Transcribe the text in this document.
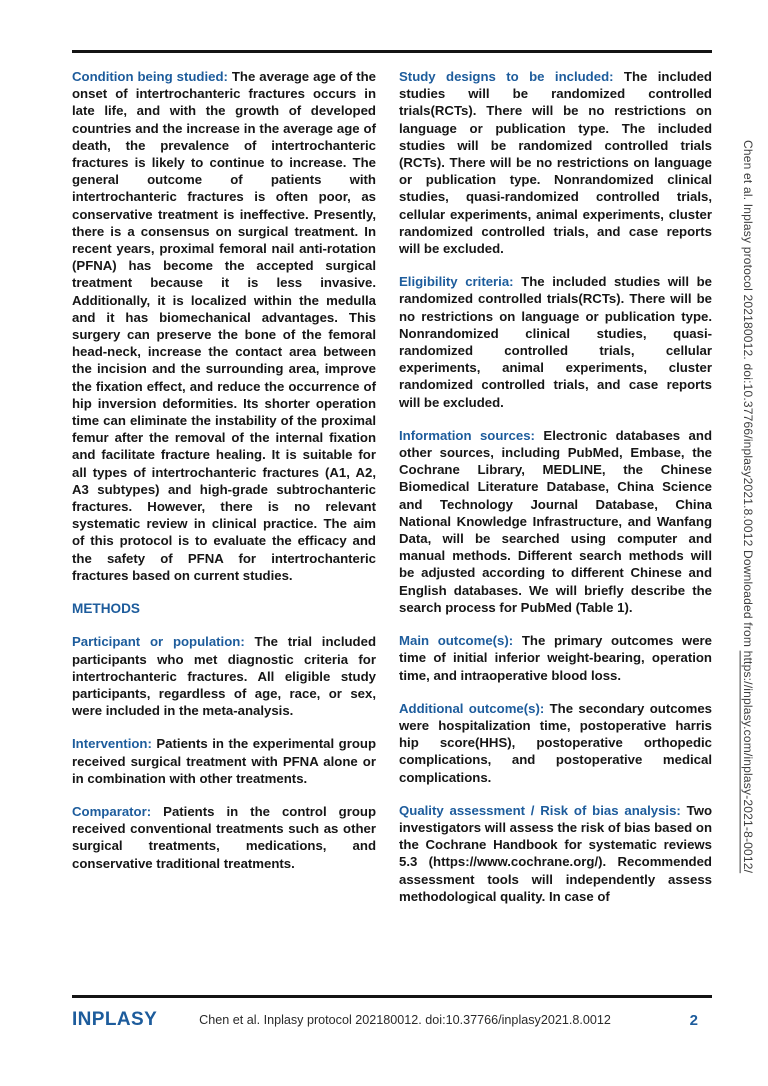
Condition being studied: The average age of the onset of intertrochanteric fractures occurs in late life, and with the growth of developed countries and the increase in the average age of death, the prevalence of intertrochanteric fractures is likely to continue to increase. The general outcome of patients with intertrochanteric fractures is often poor, as conservative treatment is ineffective. Presently, there is a consensus on surgical treatment. In recent years, proximal femoral nail anti-rotation (PFNA) has become the accepted surgical treatment because it is less invasive. Additionally, it is localized within the medulla and it has biomechanical advantages. This surgery can preserve the bone of the femoral head-neck, increase the contact area between the incision and the surrounding area, improve the fixation effect, and reduce the occurrence of hip inversion deformities. Its shorter operation time can eliminate the instability of the proximal femur after the removal of the internal fixation and facilitate fracture healing. It is suitable for all types of intertrochanteric fractures (A1, A2, A3 subtypes) and high-grade subtrochanteric fractures. However, there is no relevant systematic review in clinical practice. The aim of this protocol is to evaluate the efficacy and the safety of PFNA for intertrochanteric fractures based on current studies.

METHODS

Participant or population: The trial included participants who met diagnostic criteria for intertrochanteric fractures. All eligible study participants, regardless of age, race, or sex, were included in the meta-analysis.

Intervention: Patients in the experimental group received surgical treatment with PFNA alone or in combination with other treatments.

Comparator: Patients in the control group received conventional treatments such as other surgical treatments, medications, and conservative traditional treatments.

Study designs to be included: The included studies will be randomized controlled trials(RCTs). There will be no restrictions on language or publication type. The included studies will be randomized controlled trials (RCTs). There will be no restrictions on language or publication type. Nonrandomized clinical studies, quasi-randomized controlled trials, cellular experiments, animal experiments, cluster randomized controlled trials, and case reports will be excluded.

Eligibility criteria: The included studies will be randomized controlled trials(RCTs). There will be no restrictions on language or publication type. Nonrandomized clinical studies, quasi-randomized controlled trials, cellular experiments, animal experiments, cluster randomized controlled trials, and case reports will be excluded.

Information sources: Electronic databases and other sources, including PubMed, Embase, the Cochrane Library, MEDLINE, the Chinese Biomedical Literature Database, China Science and Technology Journal Database, China National Knowledge Infrastructure, and Wanfang Data, will be searched using computer and manual methods. Different search methods will be adjusted according to different Chinese and English databases. We will briefly describe the search process for PubMed (Table 1).

Main outcome(s): The primary outcomes were time of initial inferior weight-bearing, operation time, and intraoperative blood loss.

Additional outcome(s): The secondary outcomes were hospitalization time, postoperative harris hip score(HHS), postoperative orthopedic complications, and postoperative medical complications.

Quality assessment / Risk of bias analysis: Two investigators will assess the risk of bias based on the Cochrane Handbook for systematic reviews 5.3 (https://www.cochrane.org/). Recommended assessment tools will independently assess methodological quality. In case of

Chen et al. Inplasy protocol 202180012. doi:10.37766/inplasy2021.8.0012 Downloaded from https://inplasy.com/inplasy-2021-8-0012/
INPLASY	Chen et al. Inplasy protocol 202180012. doi:10.37766/inplasy2021.8.0012	2
